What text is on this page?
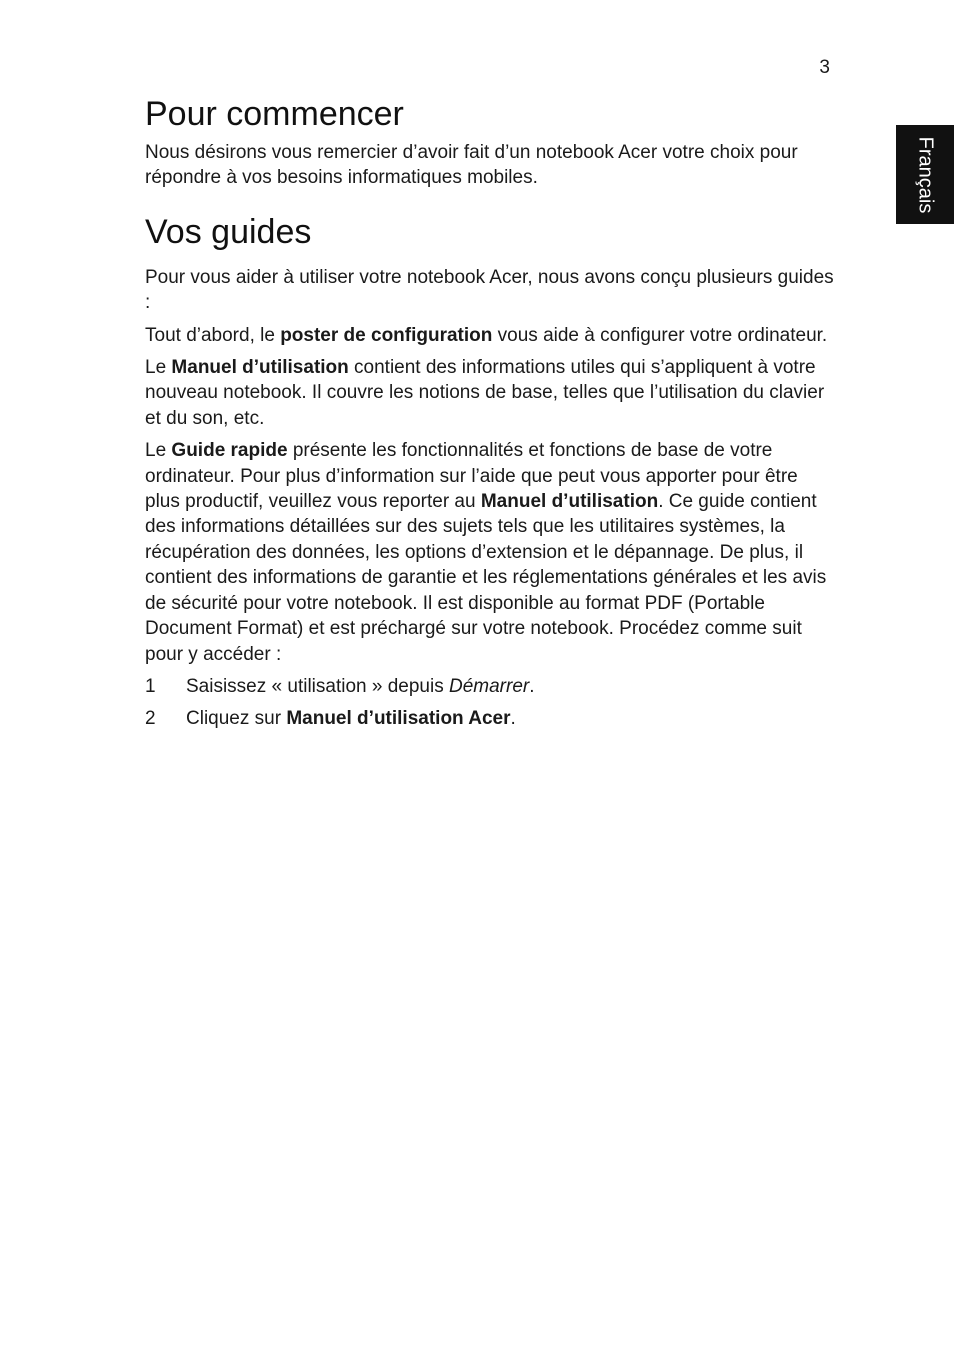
3
Français
Pour commencer

Nous désirons vous remercier d’avoir fait d’un notebook Acer votre choix pour répondre à vos besoins informatiques mobiles.

Vos guides

Pour vous aider à utiliser votre notebook Acer, nous avons conçu plusieurs guides :

Tout d’abord, le poster de configuration vous aide à configurer votre ordinateur.

Le Manuel d’utilisation contient des informations utiles qui s’appliquent à votre nouveau notebook. Il couvre les notions de base, telles que l’utilisation du clavier et du son, etc.

Le Guide rapide présente les fonctionnalités et fonctions de base de votre ordinateur. Pour plus d’information sur l’aide que peut vous apporter pour être plus productif, veuillez vous reporter au Manuel d’utilisation. Ce guide contient des informations détaillées sur des sujets tels que les utilitaires systèmes, la récupération des données, les options d’extension et le dépannage. De plus, il contient des informations de garantie et les réglementations générales et les avis de sécurité pour votre notebook. Il est disponible au format PDF (Portable Document Format) et est préchargé sur votre notebook. Procédez comme suit pour y accéder :

1	Saisissez « utilisation » depuis Démarrer.
2	Cliquez sur Manuel d’utilisation Acer.
